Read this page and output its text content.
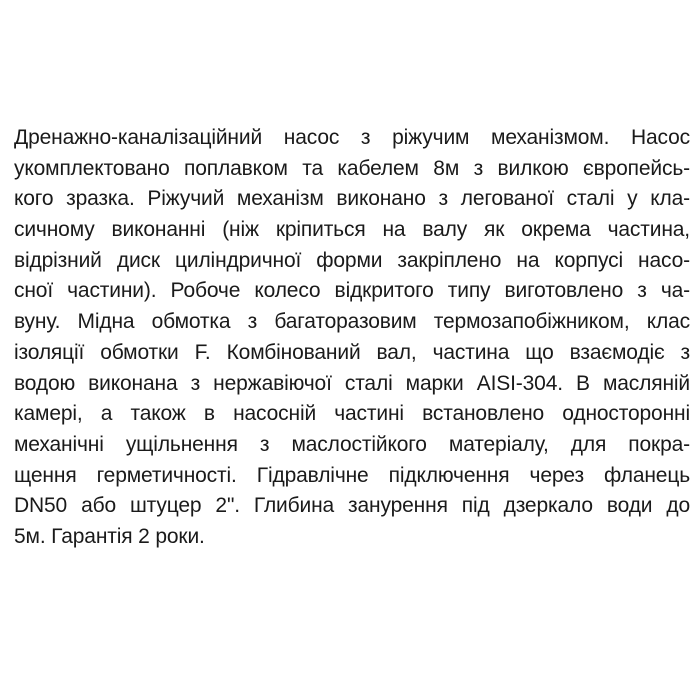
Дренажно-каналізаційний насос з ріжучим механізмом. Насос
укомплектовано поплавком та кабелем 8м з вилкою європейсь-
кого зразка. Ріжучий механізм виконано з легованої сталі у кла-
сичному виконанні (ніж кріпиться на валу як окрема частина,
відрізний диск циліндричної форми закріплено на корпусі насо-
сної частини). Робоче колесо відкритого типу виготовлено з ча-
вуну. Мідна обмотка з багаторазовим термозапобіжником, клас
ізоляції обмотки F. Комбінований вал, частина що взаємодіє з
водою виконана з нержавіючої сталі марки AISI-304. В масляній
камері, а також в насосній частині встановлено односторонні
механічні ущільнення з маслостійкого матеріалу, для покра-
щення герметичності. Гідравлічне підключення через фланець
DN50 або штуцер 2". Глибина занурення під дзеркало води до
5м. Гарантія 2 роки.
